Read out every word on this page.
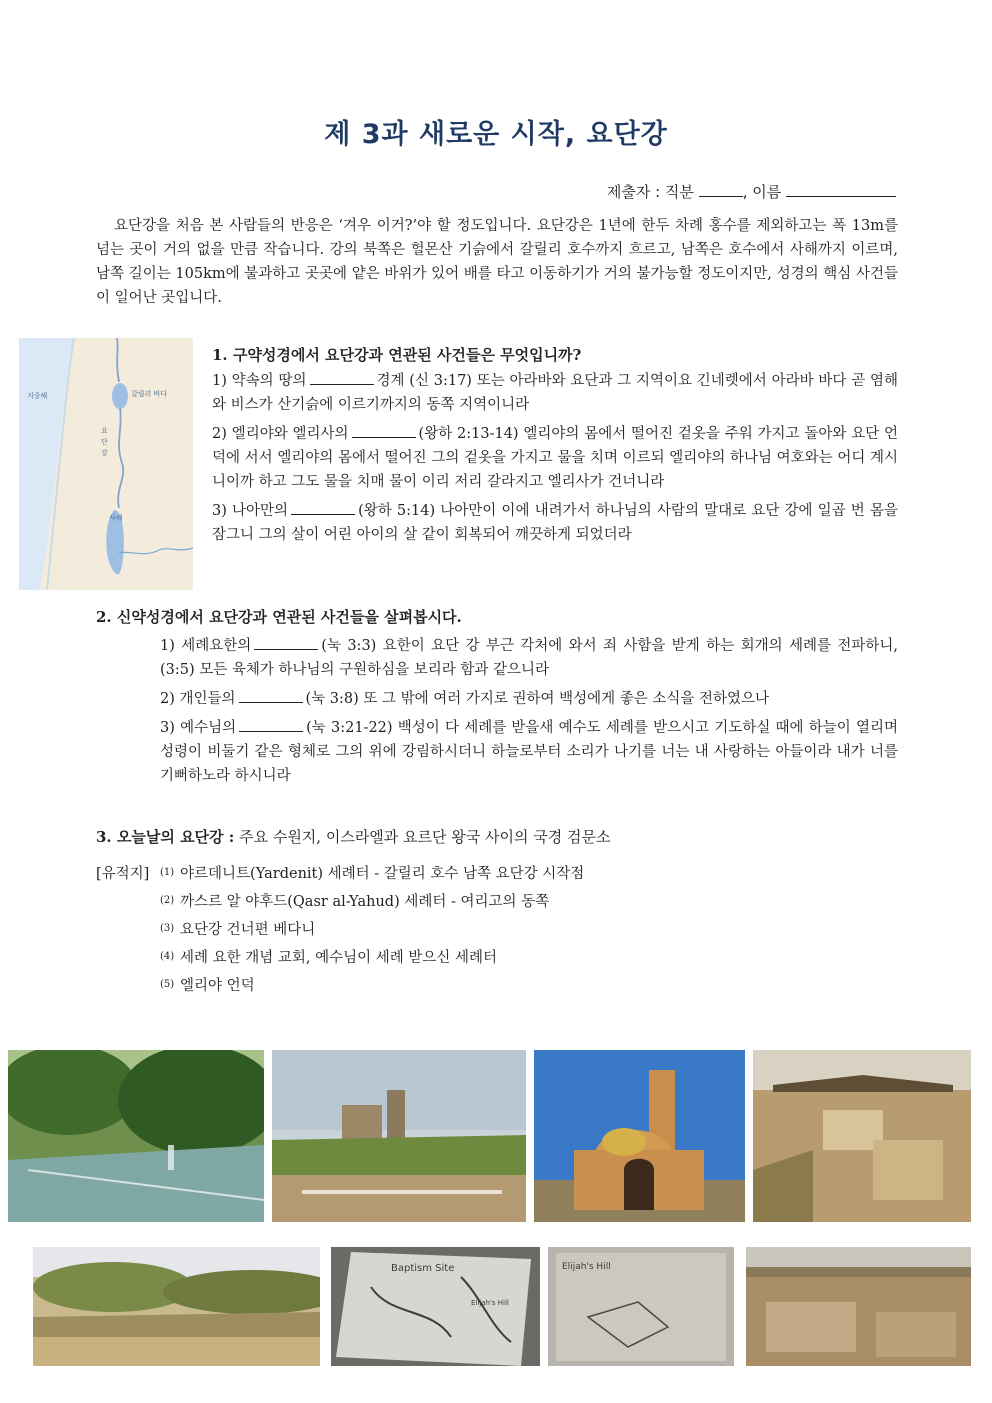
제 3과 새로운 시작, 요단강
제출자 : 직분	, 이름
요단강을 처음 본 사람들의 반응은 ‘겨우 이거?’야 할 정도입니다. 요단강은 1년에 한두 차례 홍수를 제외하고는 폭 13m를 넘는 곳이 거의 없을 만큼 작습니다. 강의 북쪽은 헐몬산 기슭에서 갈릴리 호수까지 흐르고, 남쪽은 호수에서 사해까지 이르며, 남쪽 길이는 105km에 불과하고 곳곳에 얕은 바위가 있어 배를 타고 이동하기가 거의 불가능할 정도이지만, 성경의 핵심 사건들이 일어난 곳입니다.
지중해	갈릴리 바다
요
단
강
사해
1. 구약성경에서 요단강과 연관된 사건들은 무엇입니까?
1) 약속의 땅의	경계 (신 3:17) 또는 아라바와 요단과 그 지역이요 긴네렛에서 아라바 바다 곧 염해와 비스가 산기슭에 이르기까지의 동쪽 지역이니라
2) 엘리야와 엘리사의	(왕하 2:13-14) 엘리야의 몸에서 떨어진 겉옷을 주워 가지고 돌아와 요단 언덕에 서서 엘리야의 몸에서 떨어진 그의 겉옷을 가지고 물을 치며 이르되 엘리야의 하나님 여호와는 어디 계시니이까 하고 그도 물을 치매 물이 이리 저리 갈라지고 엘리사가 건너니라
3) 나아만의	(왕하 5:14) 나아만이 이에 내려가서 하나님의 사람의 말대로 요단 강에 일곱 번 몸을 잠그니 그의 살이 어린 아이의 살 같이 회복되어 깨끗하게 되었더라
2. 신약성경에서 요단강과 연관된 사건들을 살펴봅시다.
1) 세례요한의	(눅 3:3) 요한이 요단 강 부근 각처에 와서 죄 사함을 받게 하는 회개의 세례를 전파하니, (3:5) 모든 육체가 하나님의 구원하심을 보리라 함과 같으니라
2) 개인들의	(눅 3:8) 또 그 밖에 여러 가지로 권하여 백성에게 좋은 소식을 전하였으나
3) 예수님의	(눅 3:21-22) 백성이 다 세례를 받을새 예수도 세례를 받으시고 기도하실 때에 하늘이 열리며 성령이 비둘기 같은 형체로 그의 위에 강림하시더니 하늘로부터 소리가 나기를 너는 내 사랑하는 아들이라 내가 너를 기뻐하노라 하시니라
3. 오늘날의 요단강 : 주요 수원지, 이스라엘과 요르단 왕국 사이의 국경 검문소
[유적지]	(1) 야르데니트(Yardenit) 세례터 - 갈릴리 호수 남쪽 요단강 시작점
(2) 까스르 알 야후드(Qasr al-Yahud) 세례터 - 여리고의 동쪽
(3) 요단강 건너편 베다니
(4) 세례 요한 개념 교회, 예수님이 세례 받으신 세례터
(5) 엘리야 언덕
Baptism Site
Elijah's Hill
Elijah's Hill
